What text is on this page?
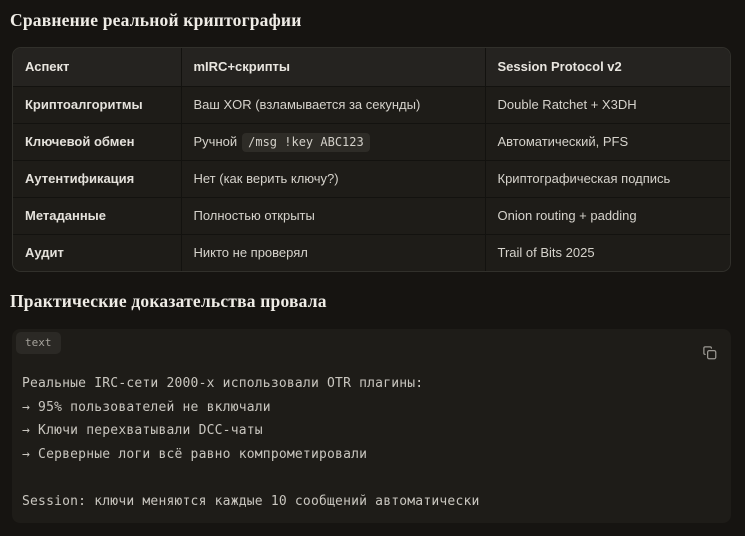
Сравнение реальной криптографии
Аспект	mIRC+скрипты	Session Protocol v2
Криптоалгоритмы	Ваш XOR (взламывается за секунды)	Double Ratchet + X3DH
Ключевой обмен	Ручной /msg !key ABC123	Автоматический, PFS
Аутентификация	Нет (как верить ключу?)	Криптографическая подпись
Метаданные	Полностью открыты	Onion routing + padding
Аудит	Никто не проверял	Trail of Bits 2025
Практические доказательства провала
text
Реальные IRC-сети 2000-х использовали OTR плагины:
→ 95% пользователей не включали
→ Ключи перехватывали DCC-чаты
→ Серверные логи всё равно компрометировали
Session: ключи меняются каждые 10 сообщений автоматически
